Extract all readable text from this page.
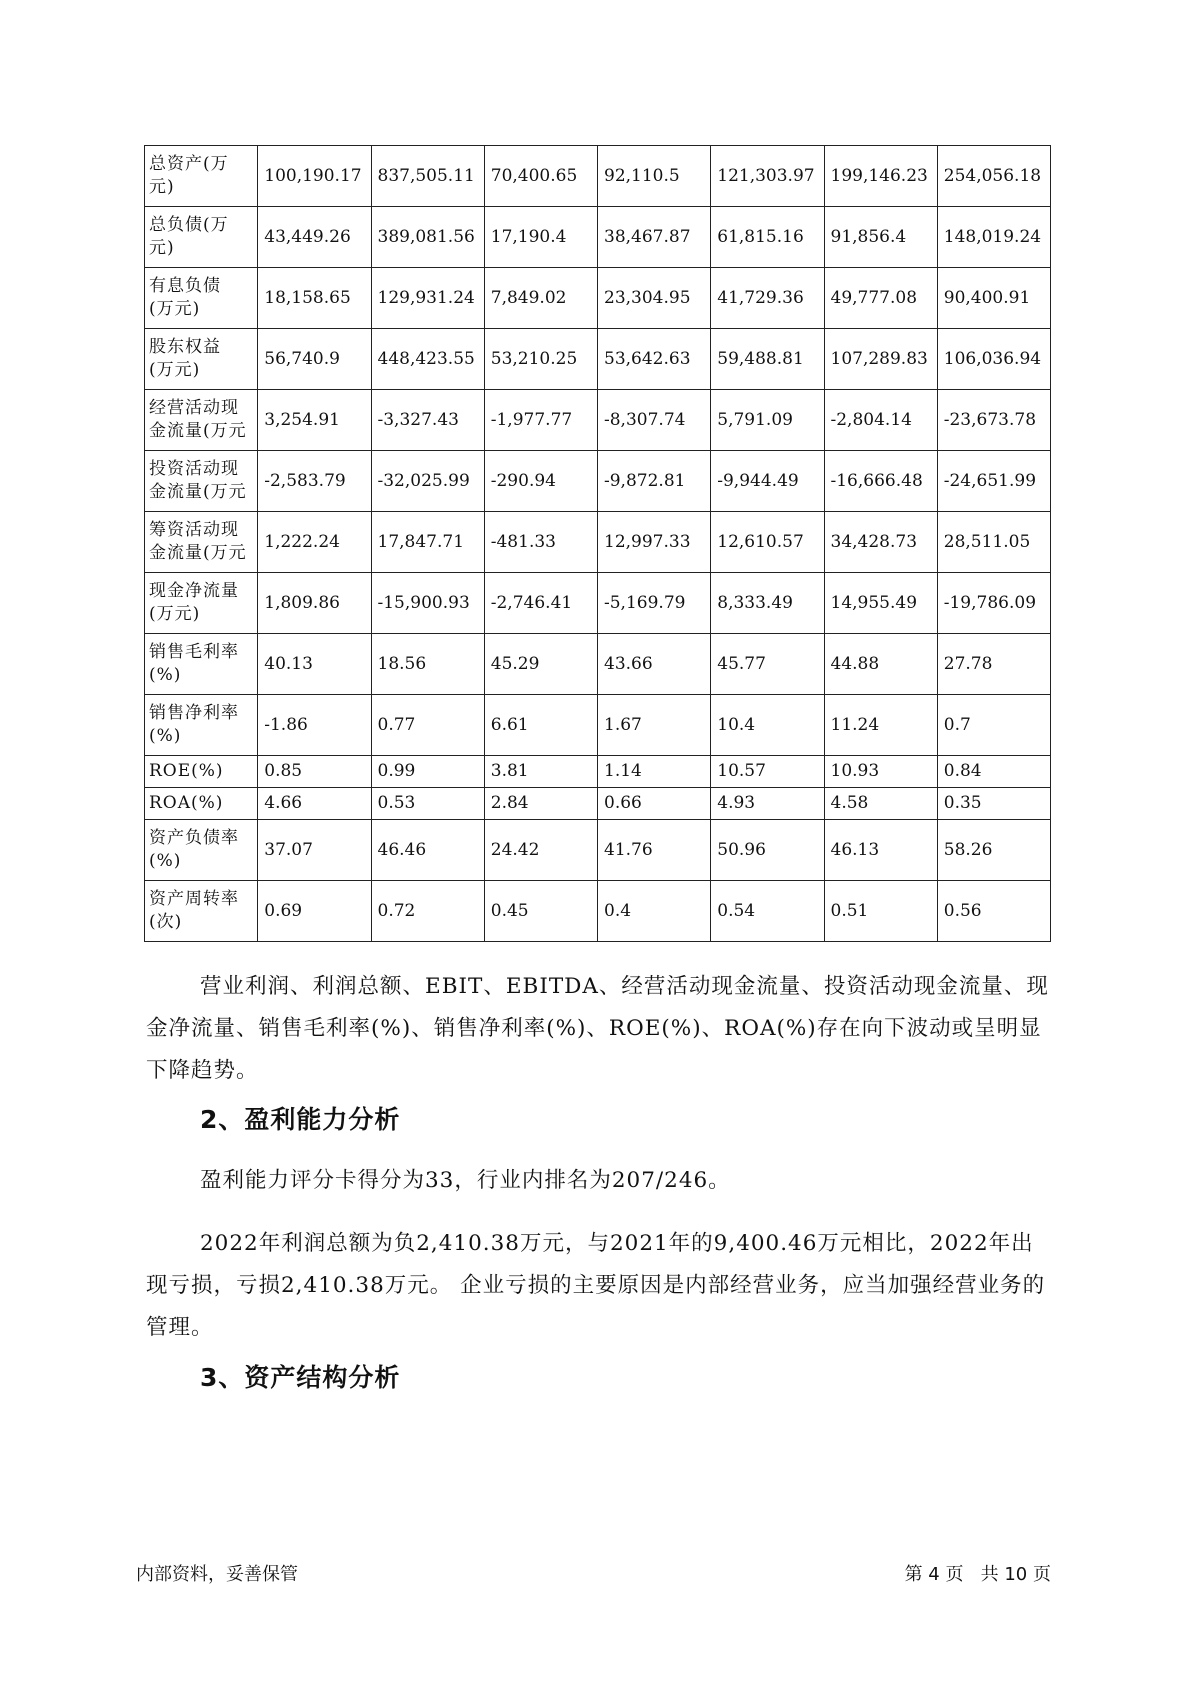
总资产(万
元)	100,190.17	837,505.11	70,400.65	92,110.5	121,303.97	199,146.23	254,056.18

总负债(万
元)	43,449.26	389,081.56	17,190.4	38,467.87	61,815.16	91,856.4	148,019.24

有息负债
(万元)	18,158.65	129,931.24	7,849.02	23,304.95	41,729.36	49,777.08	90,400.91

股东权益
(万元)	56,740.9	448,423.55	53,210.25	53,642.63	59,488.81	107,289.83	106,036.94

经营活动现
金流量(万元	3,254.91	-3,327.43	-1,977.77	-8,307.74	5,791.09	-2,804.14	-23,673.78

投资活动现
金流量(万元	-2,583.79	-32,025.99	-290.94	-9,872.81	-9,944.49	-16,666.48	-24,651.99

筹资活动现
金流量(万元	1,222.24	17,847.71	-481.33	12,997.33	12,610.57	34,428.73	28,511.05

现金净流量
(万元)	1,809.86	-15,900.93	-2,746.41	-5,169.79	8,333.49	14,955.49	-19,786.09

销售毛利率
(%)	40.13	18.56	45.29	43.66	45.77	44.88	27.78

销售净利率
(%)	-1.86	0.77	6.61	1.67	10.4	11.24	0.7

ROE(%)	0.85	0.99	3.81	1.14	10.57	10.93	0.84

ROA(%)	4.66	0.53	2.84	0.66	4.93	4.58	0.35

资产负债率
(%)	37.07	46.46	24.42	41.76	50.96	46.13	58.26

资产周转率
(次)	0.69	0.72	0.45	0.4	0.54	0.51	0.56

营业利润、利润总额、EBIT、EBITDA、经营活动现金流量、投资活动现金流量、现金净流量、销售毛利率(%)、销售净利率(%)、ROE(%)、ROA(%)存在向下波动或呈明显下降趋势。

2、盈利能力分析

盈利能力评分卡得分为33，行业内排名为207/246。

2022年利润总额为负2,410.38万元，与2021年的9,400.46万元相比，2022年出现亏损，亏损2,410.38万元。 企业亏损的主要原因是内部经营业务，应当加强经营业务的管理。

3、资产结构分析
内部资料，妥善保管	第 4 页   共 10 页
